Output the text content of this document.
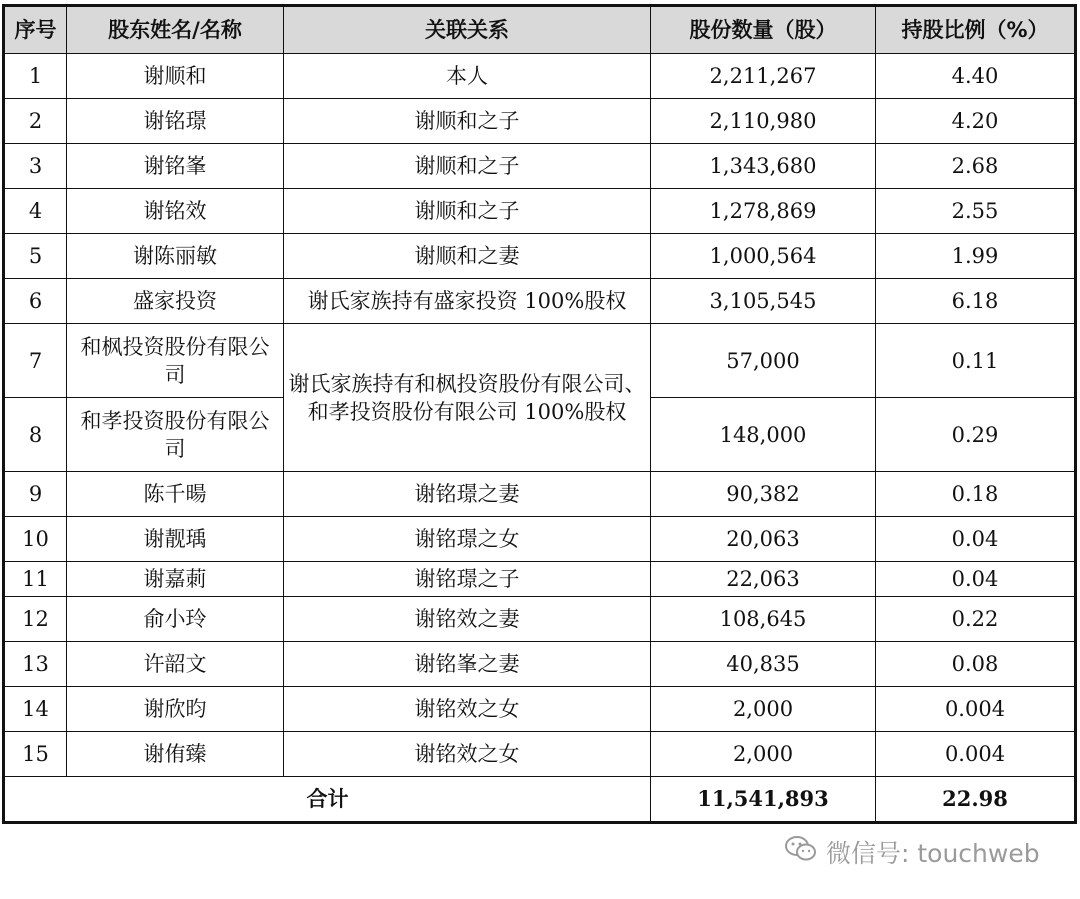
序号	股东姓名/名称	关联关系	股份数量（股）	持股比例（%）
1	谢顺和	本人	2,211,267	4.40
2	谢铭璟	谢顺和之子	2,110,980	4.20
3	谢铭峯	谢顺和之子	1,343,680	2.68
4	谢铭效	谢顺和之子	1,278,869	2.55
5	谢陈丽敏	谢顺和之妻	1,000,564	1.99
6	盛家投资	谢氏家族持有盛家投资 100%股权	3,105,545	6.18
7	和枫投资股份有限公司	谢氏家族持有和枫投资股份有限公司、和孝投资股份有限公司 100%股权	57,000	0.11
8	和孝投资股份有限公司		148,000	0.29
9	陈千暘	谢铭璟之妻	90,382	0.18
10	谢靓瑀	谢铭璟之女	20,063	0.04
11	谢嘉莿	谢铭璟之子	22,063	0.04
12	俞小玲	谢铭效之妻	108,645	0.22
13	许韶文	谢铭峯之妻	40,835	0.08
14	谢欣昀	谢铭效之女	2,000	0.004
15	谢侑臻	谢铭效之女	2,000	0.004
合计			11,541,893	22.98
微信号: touchweb
